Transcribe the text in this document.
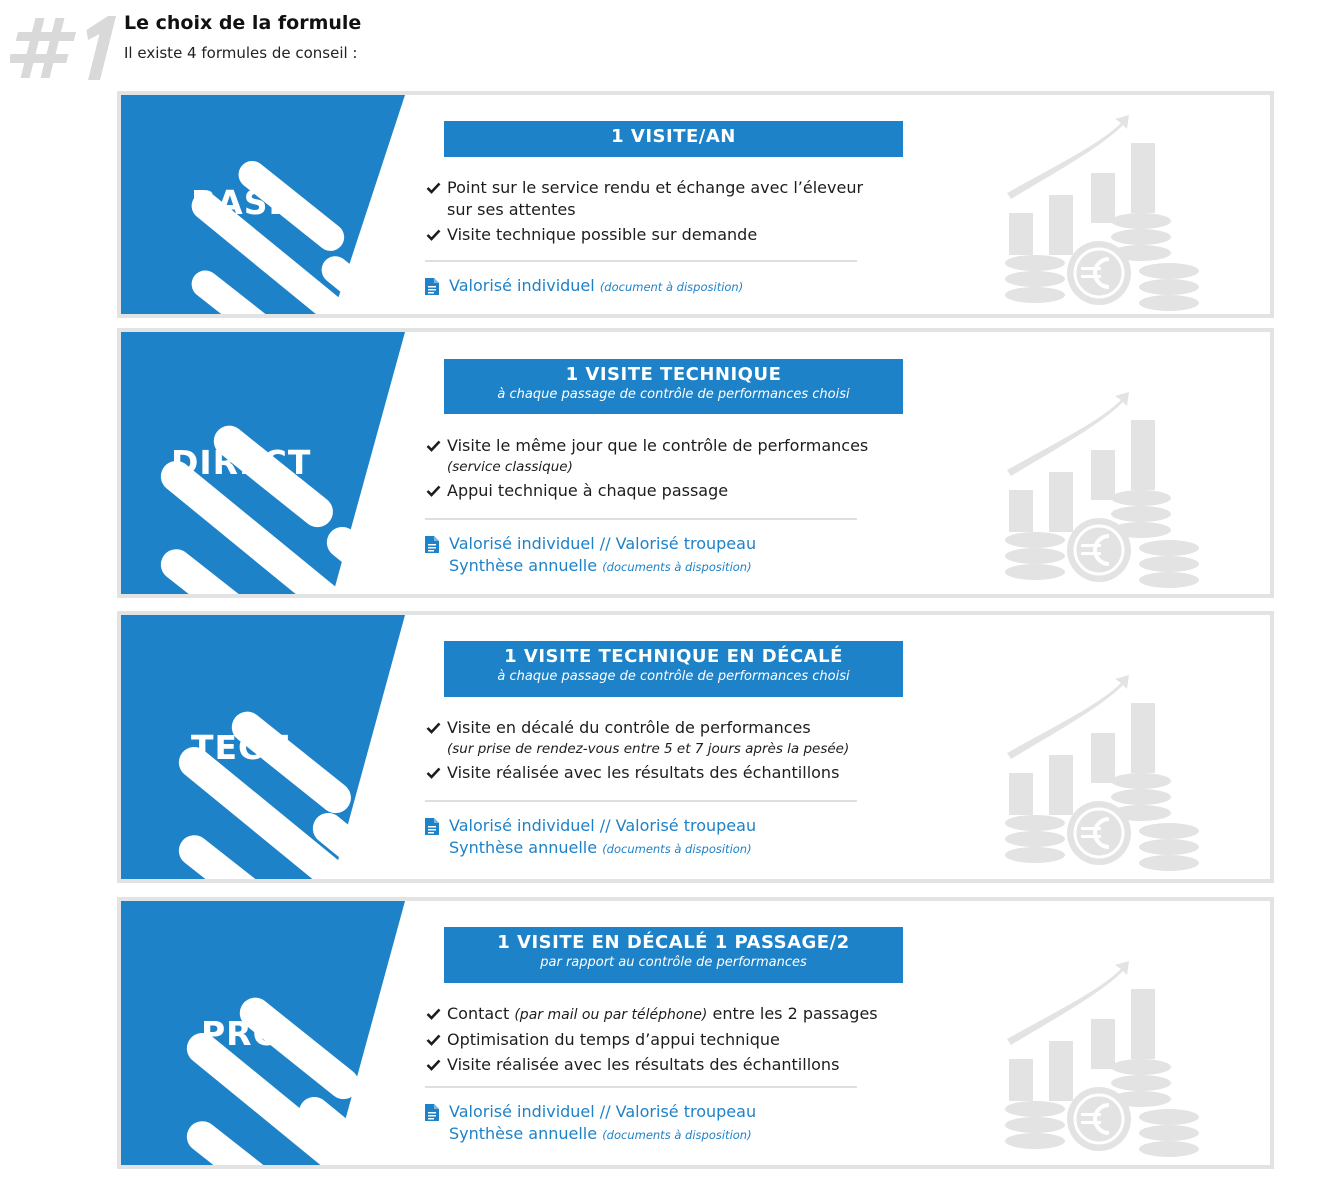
Le choix de la formule
Il existe 4 formules de conseil :
BASE
1 VISITE/AN
Point sur le service rendu et échange avec l’éleveur
sur ses attentes
Visite technique possible sur demande
Valorisé individuel (document à disposition)
DIRECT
1 VISITE TECHNIQUE
à chaque passage de contrôle de performances choisi
Visite le même jour que le contrôle de performances
(service classique)
Appui technique à chaque passage
Valorisé individuel // Valorisé troupeau
Synthèse annuelle (documents à disposition)
TECH
1 VISITE TECHNIQUE EN DÉCALÉ
à chaque passage de contrôle de performances choisi
Visite en décalé du contrôle de performances
(sur prise de rendez-vous entre 5 et 7 jours après la pesée)
Visite réalisée avec les résultats des échantillons
Valorisé individuel // Valorisé troupeau
Synthèse annuelle (documents à disposition)
PRO
1 VISITE EN DÉCALÉ 1 PASSAGE/2
par rapport au contrôle de performances
Contact (par mail ou par téléphone) entre les 2 passages
Optimisation du temps d’appui technique
Visite réalisée avec les résultats des échantillons
Valorisé individuel // Valorisé troupeau
Synthèse annuelle (documents à disposition)
